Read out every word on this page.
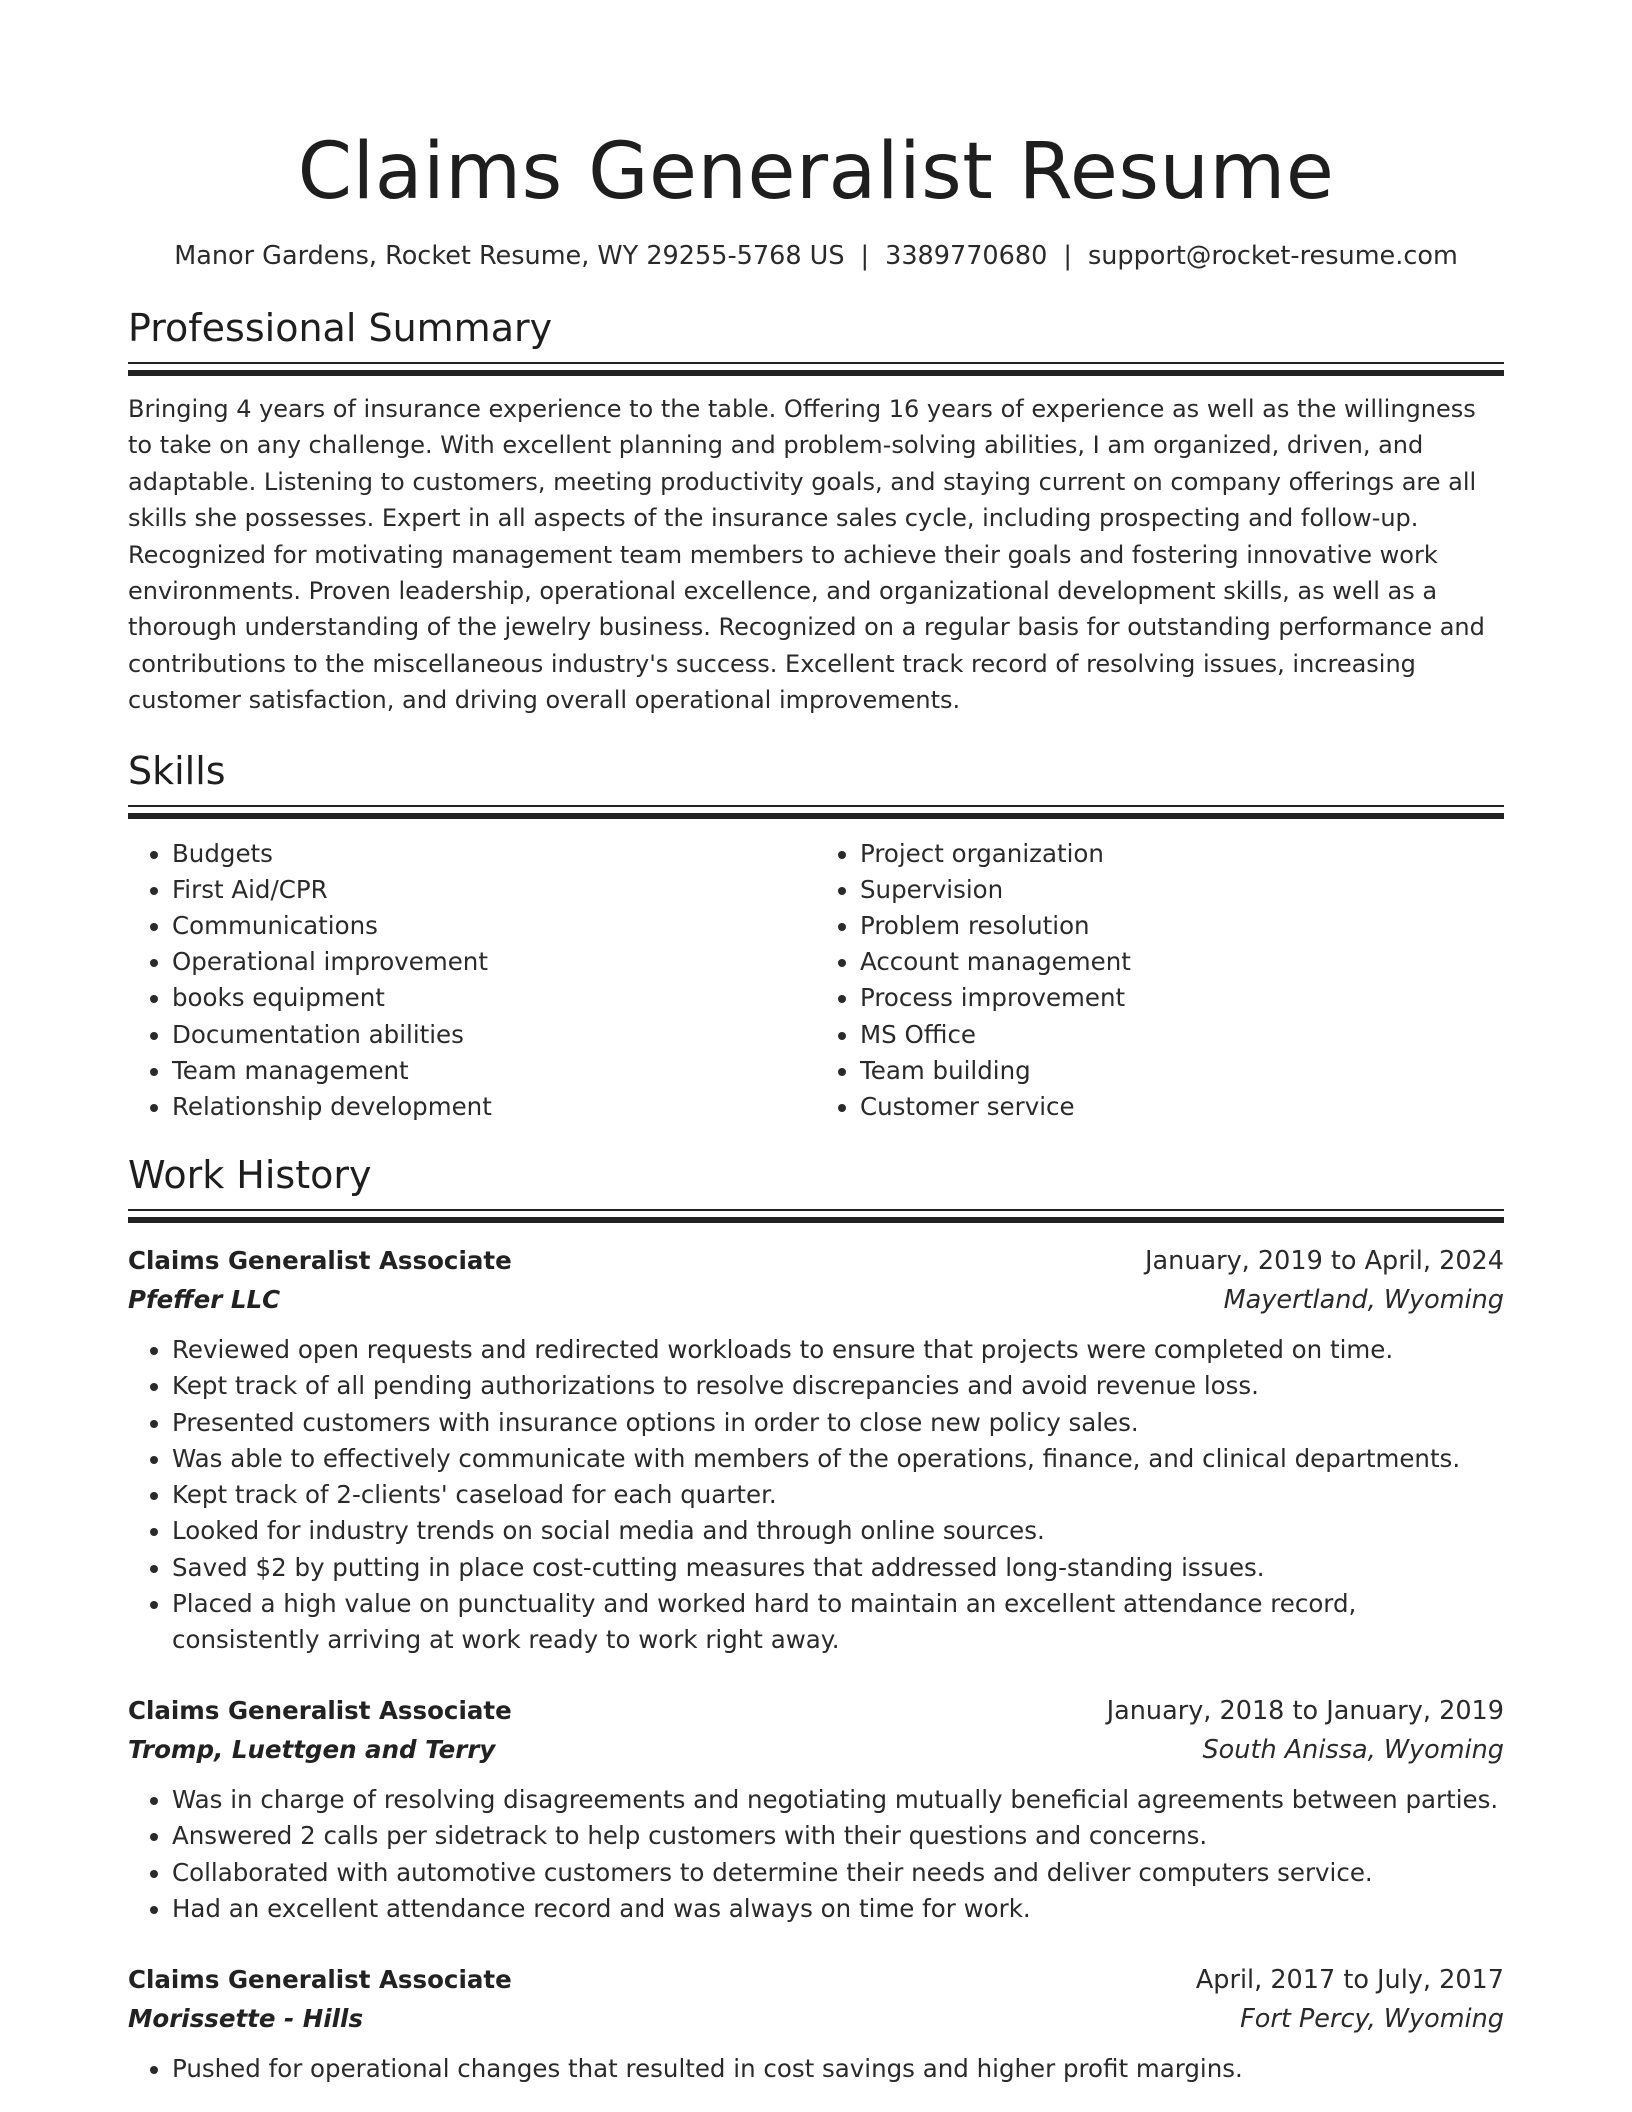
Claims Generalist Resume
Manor Gardens, Rocket Resume, WY 29255-5768 US | 3389770680 | support@rocket-resume.com
Professional Summary

Bringing 4 years of insurance experience to the table. Offering 16 years of experience as well as the willingness to take on any challenge. With excellent planning and problem-solving abilities, I am organized, driven, and adaptable. Listening to customers, meeting productivity goals, and staying current on company offerings are all skills she possesses. Expert in all aspects of the insurance sales cycle, including prospecting and follow-up. Recognized for motivating management team members to achieve their goals and fostering innovative work environments. Proven leadership, operational excellence, and organizational development skills, as well as a thorough understanding of the jewelry business. Recognized on a regular basis for outstanding performance and contributions to the miscellaneous industry's success. Excellent track record of resolving issues, increasing customer satisfaction, and driving overall operational improvements.

Skills
• Budgets
• First Aid/CPR
• Communications
• Operational improvement
• books equipment
• Documentation abilities
• Team management
• Relationship development
• Project organization
• Supervision
• Problem resolution
• Account management
• Process improvement
• MS Office
• Team building
• Customer service
Work History
Claims Generalist Associate	January, 2019 to April, 2024
Pfeffer LLC	Mayertland, Wyoming
• Reviewed open requests and redirected workloads to ensure that projects were completed on time.
• Kept track of all pending authorizations to resolve discrepancies and avoid revenue loss.
• Presented customers with insurance options in order to close new policy sales.
• Was able to effectively communicate with members of the operations, finance, and clinical departments.
• Kept track of 2-clients' caseload for each quarter.
• Looked for industry trends on social media and through online sources.
• Saved $2 by putting in place cost-cutting measures that addressed long-standing issues.
• Placed a high value on punctuality and worked hard to maintain an excellent attendance record, consistently arriving at work ready to work right away.
Claims Generalist Associate	January, 2018 to January, 2019
Tromp, Luettgen and Terry	South Anissa, Wyoming
• Was in charge of resolving disagreements and negotiating mutually beneficial agreements between parties.
• Answered 2 calls per sidetrack to help customers with their questions and concerns.
• Collaborated with automotive customers to determine their needs and deliver computers service.
• Had an excellent attendance record and was always on time for work.
Claims Generalist Associate	April, 2017 to July, 2017
Morissette - Hills	Fort Percy, Wyoming
• Pushed for operational changes that resulted in cost savings and higher profit margins.
